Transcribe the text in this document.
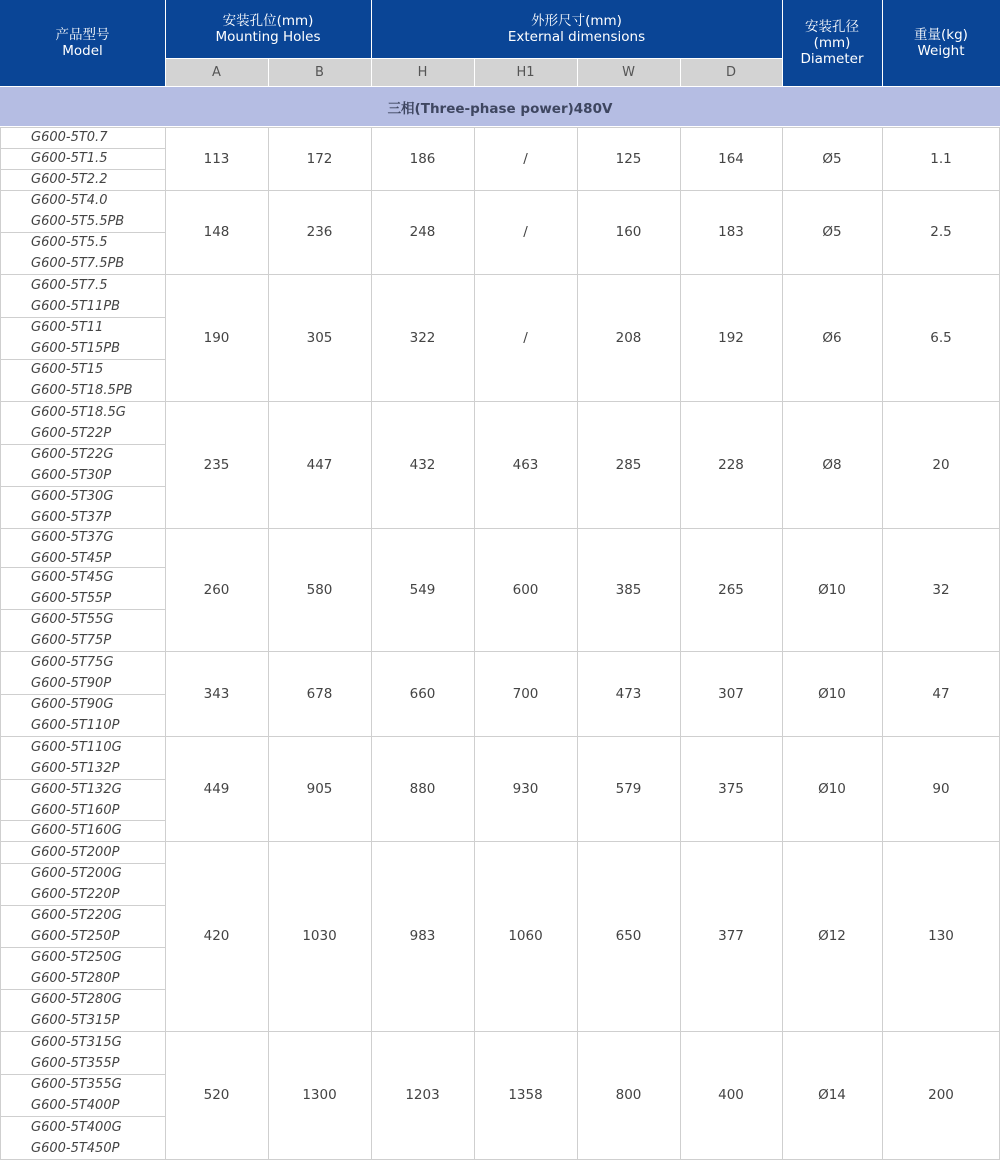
产品型号
Model
安装孔位(mm)
Mounting Holes
外形尺寸(mm)
External dimensions
安装孔径
(mm)
Diameter
重量(kg)
Weight
A	B	H	H1	W	D
三相(Three-phase power)480V
G600-5T0.7
G600-5T1.5
G600-5T2.2
113	172	186	/	125	164	Ø5	1.1
G600-5T4.0
G600-5T5.5PB
G600-5T5.5
G600-5T7.5PB
148	236	248	/	160	183	Ø5	2.5
G600-5T7.5
G600-5T11PB
G600-5T11
G600-5T15PB
G600-5T15
G600-5T18.5PB
190	305	322	/	208	192	Ø6	6.5
G600-5T18.5G
G600-5T22P
G600-5T22G
G600-5T30P
G600-5T30G
G600-5T37P
235	447	432	463	285	228	Ø8	20
G600-5T37G
G600-5T45P
G600-5T45G
G600-5T55P
G600-5T55G
G600-5T75P
260	580	549	600	385	265	Ø10	32
G600-5T75G
G600-5T90P
G600-5T90G
G600-5T110P
343	678	660	700	473	307	Ø10	47
G600-5T110G
G600-5T132P
G600-5T132G
G600-5T160P
G600-5T160G
449	905	880	930	579	375	Ø10	90
G600-5T200P
G600-5T200G
G600-5T220P
G600-5T220G
G600-5T250P
G600-5T250G
G600-5T280P
G600-5T280G
G600-5T315P
420	1030	983	1060	650	377	Ø12	130
G600-5T315G
G600-5T355P
G600-5T355G
G600-5T400P
G600-5T400G
G600-5T450P
520	1300	1203	1358	800	400	Ø14	200
